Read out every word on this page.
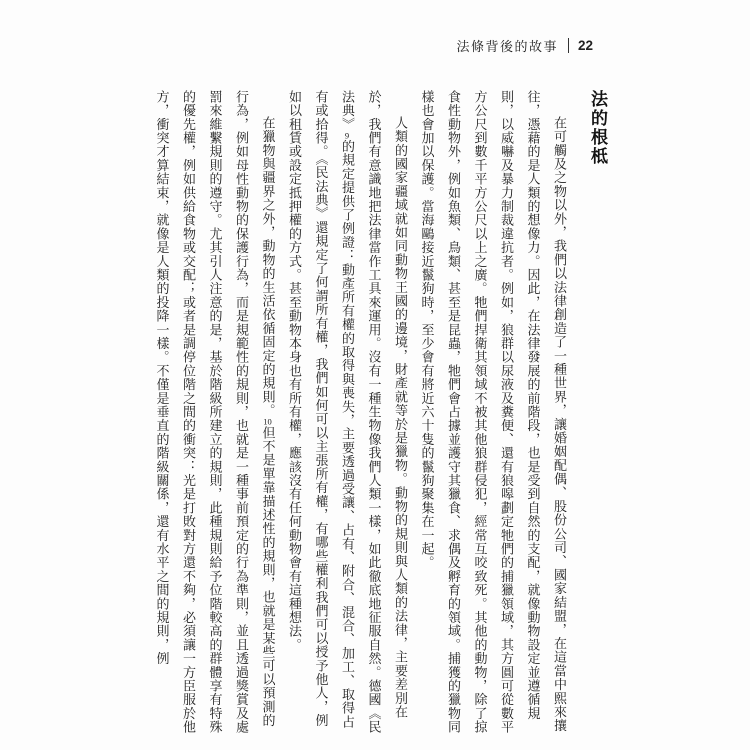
法條背後的故事 22
法的根柢

在可觸及之物以外，我們以法律創造了一種世界，讓婚姻配偶、股份公司、國家結盟，在這當中熙來攘往，憑藉的是人類的想像力。因此，在法律發展的前階段，也是受到自然的支配，就像動物設定並遵循規則，以威嚇及暴力制裁違抗者。例如，狼群以尿液及糞便、還有狼嗥劃定牠們的捕獵領域，其方圓可從數平方公尺到數千平方公尺以上之廣。牠們捍衛其領域不被其他狼群侵犯，經常互咬致死。其他的動物，除了掠食性動物外，例如魚類、鳥類、甚至是昆蟲，牠們會占據並護守其獵食、求偶及孵育的領域。捕獲的獵物同樣也會加以保護。當海鷗接近鬣狗時，至少會有將近六十隻的鬣狗聚集在一起。

人類的國家疆域就如同動物王國的邊境，財產就等於是獵物。動物的規則與人類的法律，主要差別在於，我們有意識地把法律當作工具來運用。沒有一種生物像我們人類一樣，如此徹底地征服自然。德國《民法典》$^9$的規定提供了例證：動產所有權的取得與喪失，主要透過受讓、占有、附合、混合、加工、取得占有或拾得。《民法典》還規定了何謂所有權，我們如何可以主張所有權，有哪些權利我們可以授予他人，例如以租賃或設定抵押權的方式。甚至動物本身也有所有權，應該沒有任何動物會有這種想法。

在獵物與疆界之外，動物的生活依循固定的規則。$^{10}$但不是單靠描述性的規則，也就是某些可以預測的行為，例如母性動物的保護行為，而是規範性的規則，也就是一種事前預定的行為準則，並且透過獎賞及處罰來維繫規則的遵守。尤其引人注意的是，基於階級所建立的規則，此種規則給予位階較高的群體享有特殊的優先權，例如供給食物或交配；或者是調停位階之間的衝突：光是打敗對方還不夠，必須讓一方臣服於他方，衝突才算結束，就像是人類的投降一樣。不僅是垂直的階級關係，還有水平之間的規則，例
